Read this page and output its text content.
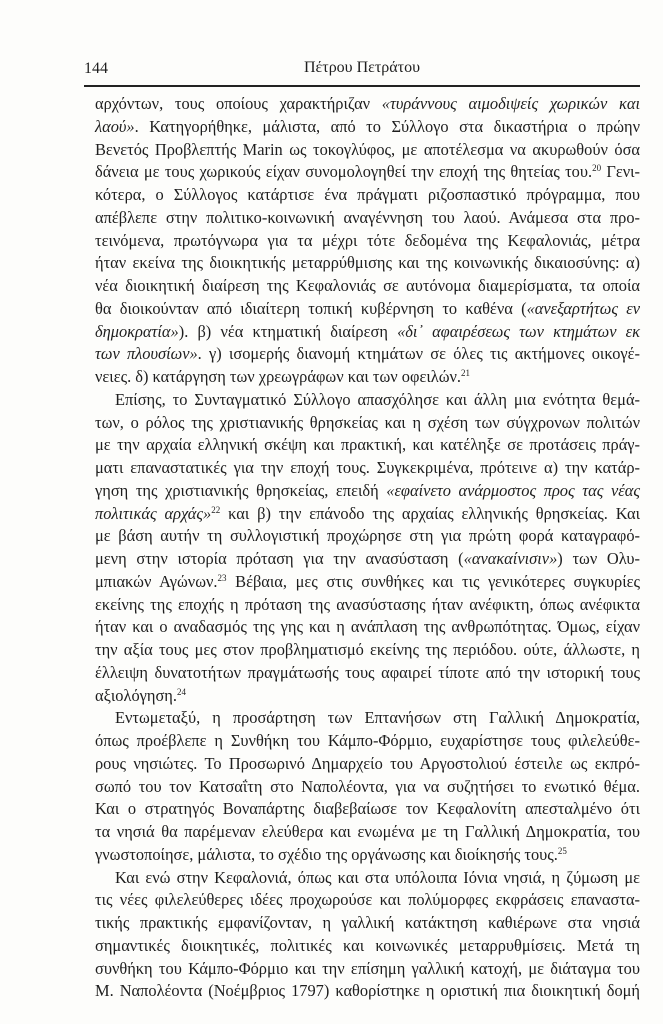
144	Πέτρου Πετράτου
αρχόντων, τους οποίους χαρακτήριζαν «τυράννους αιμοδιψείς χωρικών και
λαού». Κατηγορήθηκε, μάλιστα, από το Σύλλογο στα δικαστήρια ο πρώην
Βενετός Προβλεπτής Marin ως τοκογλύφος, με αποτέλεσμα να ακυρωθούν όσα
δάνεια με τους χωρικούς είχαν συνομολογηθεί την εποχή της θητείας του.$^{20}$ Γενι-
κότερα, ο Σύλλογος κατάρτισε ένα πράγματι ριζοσπαστικό πρόγραμμα, που
απέβλεπε στην πολιτικο-κοινωνική αναγέννηση του λαού. Ανάμεσα στα προ-
τεινόμενα, πρωτόγνωρα για τα μέχρι τότε δεδομένα της Κεφαλονιάς, μέτρα
ήταν εκείνα της διοικητικής μεταρρύθμισης και της κοινωνικής δικαιοσύνης: α)
νέα διοικητική διαίρεση της Κεφαλονιάς σε αυτόνομα διαμερίσματα, τα οποία
θα διοικούνταν από ιδιαίτερη τοπική κυβέρνηση το καθένα («ανεξαρτήτως εν
δημοκρατία»). β) νέα κτηματική διαίρεση «δι᾽ αφαιρέσεως των κτημάτων εκ
των πλουσίων». γ) ισομερής διανομή κτημάτων σε όλες τις ακτήμονες οικογέ-
νειες. δ) κατάργηση των χρεωγράφων και των οφειλών.$^{21}$
Επίσης, το Συνταγματικό Σύλλογο απασχόλησε και άλλη μια ενότητα θεμά-
των, ο ρόλος της χριστιανικής θρησκείας και η σχέση των σύγχρονων πολιτών
με την αρχαία ελληνική σκέψη και πρακτική, και κατέληξε σε προτάσεις πράγ-
ματι επαναστατικές για την εποχή τους. Συγκεκριμένα, πρότεινε α) την κατάρ-
γηση της χριστιανικής θρησκείας, επειδή «εφαίνετο ανάρμοστος προς τας νέας
πολιτικάς αρχάς»$^{22}$ και β) την επάνοδο της αρχαίας ελληνικής θρησκείας. Και
με βάση αυτήν τη συλλογιστική προχώρησε στη για πρώτη φορά καταγραφό-
μενη στην ιστορία πρόταση για την ανασύσταση («ανακαίνισιν») των Ολυ-
μπιακών Αγώνων.$^{23}$ Βέβαια, μες στις συνθήκες και τις γενικότερες συγκυρίες
εκείνης της εποχής η πρόταση της ανασύστασης ήταν ανέφικτη, όπως ανέφικτα
ήταν και ο αναδασμός της γης και η ανάπλαση της ανθρωπότητας. Όμως, είχαν
την αξία τους μες στον προβληματισμό εκείνης της περιόδου. ούτε, άλλωστε, η
έλλειψη δυνατοτήτων πραγμάτωσής τους αφαιρεί τίποτε από την ιστορική τους
αξιολόγηση.$^{24}$
Εντωμεταξύ, η προσάρτηση των Επτανήσων στη Γαλλική Δημοκρατία,
όπως προέβλεπε η Συνθήκη του Κάμπο-Φόρμιο, ευχαρίστησε τους φιλελεύθε-
ρους νησιώτες. Το Προσωρινό Δημαρχείο του Αργοστολιού έστειλε ως εκπρό-
σωπό του τον Κατσαΐτη στο Ναπολέοντα, για να συζητήσει το ενωτικό θέμα.
Και ο στρατηγός Βοναπάρτης διαβεβαίωσε τον Κεφαλονίτη απεσταλμένο ότι
τα νησιά θα παρέμεναν ελεύθερα και ενωμένα με τη Γαλλική Δημοκρατία, του
γνωστοποίησε, μάλιστα, το σχέδιο της οργάνωσης και διοίκησής τους.$^{25}$
Και ενώ στην Κεφαλονιά, όπως και στα υπόλοιπα Ιόνια νησιά, η ζύμωση με
τις νέες φιλελεύθερες ιδέες προχωρούσε και πολύμορφες εκφράσεις επαναστα-
τικής πρακτικής εμφανίζονταν, η γαλλική κατάκτηση καθιέρωνε στα νησιά
σημαντικές διοικητικές, πολιτικές και κοινωνικές μεταρρυθμίσεις. Μετά τη
συνθήκη του Κάμπο-Φόρμιο και την επίσημη γαλλική κατοχή, με διάταγμα του
Μ. Ναπολέοντα (Νοέμβριος 1797) καθορίστηκε η οριστική πια διοικητική δομή
